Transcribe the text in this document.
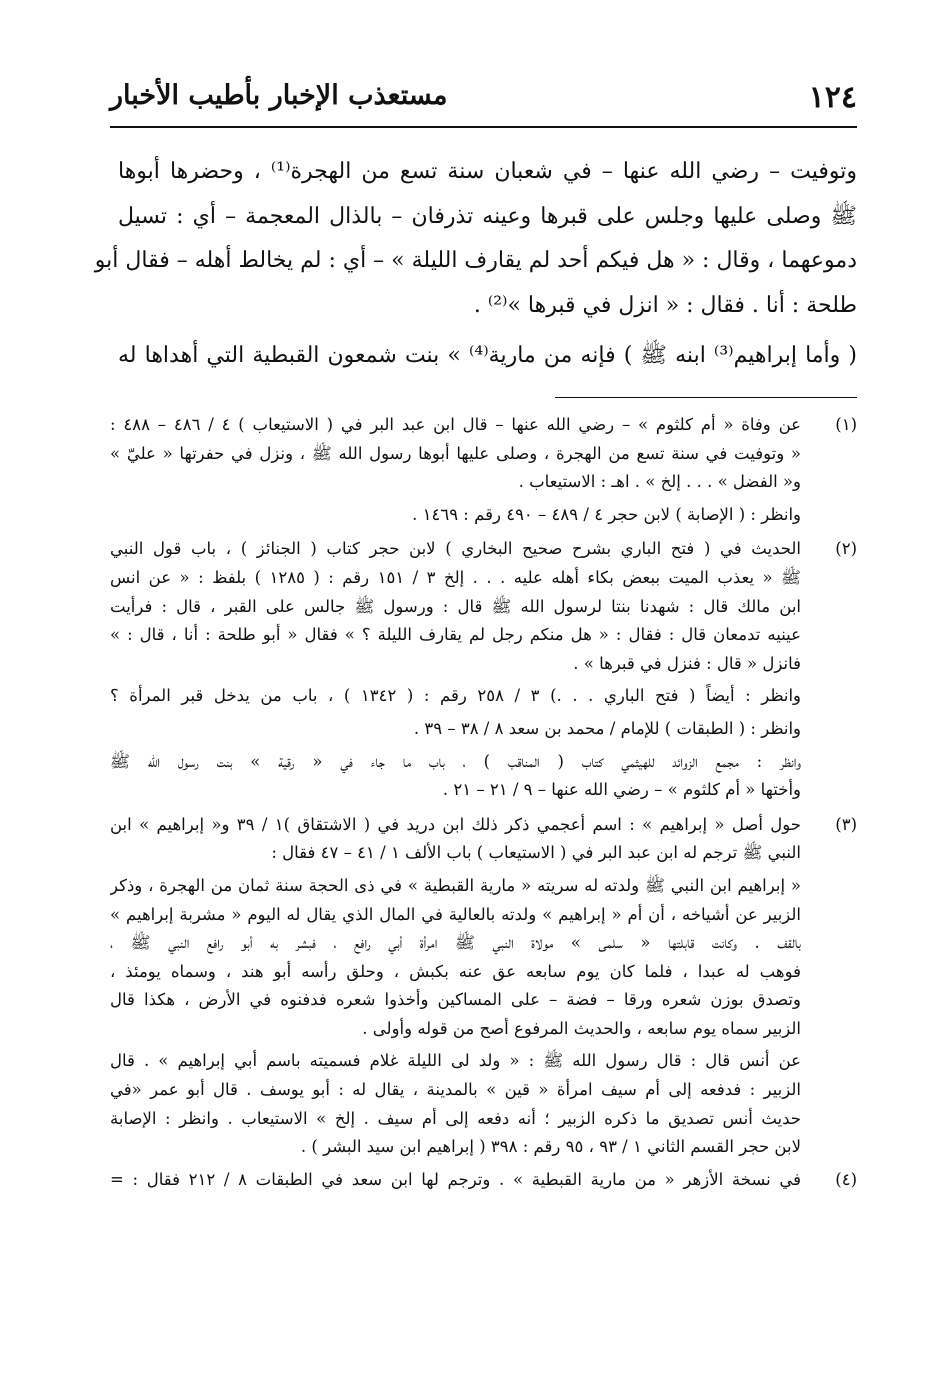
١٢٤
مستعذب الإخبار بأطيب الأخبار
وتوفيت – رضي الله عنها – في شعبان سنة تسع من الهجرة⁽¹⁾ ، وحضرها أبوها
ﷺ وصلى عليها وجلس على قبرها وعينه تذرفان – بالذال المعجمة – أي : تسيل
دموعهما ، وقال : « هل فيكم أحد لم يقارف الليلة » – أي : لم يخالط أهله – فقال أبو
طلحة : أنا . فقال : « انزل في قبرها »⁽²⁾ .
( وأما إبراهيم⁽³⁾ ابنه ﷺ ) فإنه من مارية⁽⁴⁾ » بنت شمعون القبطية التي أهداها له
(١)
عن وفاة « أم كلثوم » – رضي الله عنها – قال ابن عبد البر في ( الاستيعاب ) ٤ / ٤٨٦ – ٤٨٨ :
« وتوفيت في سنة تسع من الهجرة ، وصلى عليها أبوها رسول الله ﷺ ، ونزل في حفرتها « عليّ »
و« الفضل » . . . إلخ » . اهـ : الاستيعاب .
وانظر : ( الإصابة ) لابن حجر ٤ / ٤٨٩ – ٤٩٠ رقم : ١٤٦٩ .
(٢)
الحديث في ( فتح الباري بشرح صحيح البخاري ) لابن حجر كتاب ( الجنائز ) ، باب قول النبي
ﷺ « يعذب الميت ببعض بكاء أهله عليه . . . إلخ ٣ / ١٥١ رقم : ( ١٢٨٥ ) بلفظ : « عن انس
ابن مالك قال : شهدنا بنتا لرسول الله ﷺ قال : ورسول ﷺ جالس على القبر ، قال : فرأيت
عينيه تدمعان قال : فقال : « هل منكم رجل لم يقارف الليلة ؟ » فقال « أبو طلحة : أنا ، قال : »
فانزل « قال : فنزل في قبرها » .
وانظر : أيضاً ( فتح الباري . . .) ٣ / ٢٥٨ رقم : ( ١٣٤٢ ) ، باب من يدخل قبر المرأة ؟
وانظر : ( الطبقات ) للإمام / محمد بن سعد ٨ / ٣٨ – ٣٩ .
وانظر : مجمع الزوائد للهيثمي كتاب ( المناقب ) ، باب ما جاء في « رقية » بنت رسول الله ﷺ
وأختها « أم كلثوم » – رضي الله عنها – ٩ / ٢١ – ٢١ .
(٣)
حول أصل « إبراهيم » : اسم أعجمي ذكر ذلك ابن دريد في ( الاشتقاق )١ / ٣٩ و« إبراهيم » ابن
النبي ﷺ ترجم له ابن عبد البر في ( الاستيعاب ) باب الألف ١ / ٤١ – ٤٧ فقال :
« إبراهيم ابن النبي ﷺ ولدته له سريته « مارية القبطية » في ذى الحجة سنة ثمان من الهجرة ، وذكر
الزبير عن أشياخه ، أن أم « إبراهيم » ولدته بالعالية في المال الذي يقال له اليوم « مشربة إبراهيم »
بالقف . وكانت قابلتها « سلمى » مولاة النبي ﷺ امرأة أبي رافع ، فبشر به أبو رافع النبي ﷺ ،
فوهب له عبدا ، فلما كان يوم سابعه عق عنه بكبش ، وحلق رأسه أبو هند ، وسماه يومئذ ،
وتصدق بوزن شعره ورقا – فضة – على المساكين وأخذوا شعره فدفنوه في الأرض ، هكذا قال
الزبير سماه يوم سابعه ، والحديث المرفوع أصح من قوله وأولى .
عن أنس قال : قال رسول الله ﷺ : « ولد لى الليلة غلام فسميته باسم أبي إبراهيم » . قال
الزبير : فدفعه إلى أم سيف امرأة « قين » بالمدينة ، يقال له : أبو يوسف . قال أبو عمر «في
حديث أنس تصديق ما ذكره الزبير ؛ أنه دفعه إلى أم سيف . إلخ » الاستيعاب . وانظر : الإصابة
لابن حجر القسم الثاني ١ / ٩٣ ، ٩٥ رقم : ٣٩٨ ( إبراهيم ابن سيد البشر ) .
(٤)
في نسخة الأزهر « من مارية القبطية » . وترجم لها ابن سعد في الطبقات ٨ / ٢١٢ فقال : =
